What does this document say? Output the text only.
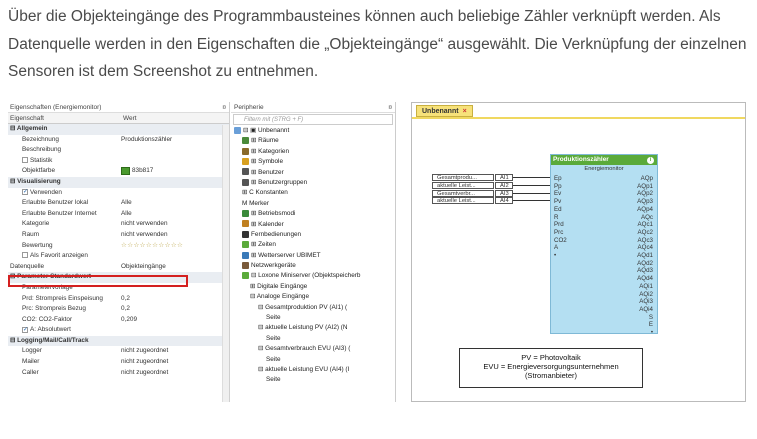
Über die Objekteingänge des Programmbausteines können auch beliebige Zähler verknüpft werden. Als Datenquelle werden in den Eigenschaften die „Objekteingänge“ ausgewählt. Die Verknüpfung der einzelnen Sensoren ist dem Screenshot zu entnehmen.
Eigenschaften (Energiemonitor)	¤
Eigenschaft	Wert
⊟ Allgemein
Bezeichnung	Produktionszähler
Beschreibung
Statistik
Objektfarbe	83b817
⊟ Visualisierung
✓ Verwenden
Erlaubte Benutzer lokal	Alle
Erlaubte Benutzer Internet	Alle
Kategorie	nicht verwenden
Raum	nicht verwenden
Bewertung	☆☆☆☆☆☆☆☆☆☆
Als Favorit anzeigen
Datenquelle	Objekteingänge
⊟ Parameter Standardwert
Parametervorlage
Prd: Strompreis Einspeisung	0,2
Prc: Strompreis Bezug	0,2
CO2: CO2-Faktor	0,209
✓ A: Absolutwert
⊟ Logging/Mail/Call/Track
Logger	nicht zugeordnet
Mailer	nicht zugeordnet
Caller	nicht zugeordnet
Peripherie	¤
Filtern mit (STRG + F)
⊟ ▣ Unbenannt
⊞ Räume
⊞ Kategorien
⊞ Symbole
⊞ Benutzer
⊞ Benutzergruppen
⊞ C Konstanten
M Merker
⊞ Betriebsmodi
⊞ Kalender
Fernbedienungen
⊞ Zeiten
⊞ Wetterserver UBIMET
Netzwerkgeräte
⊟ Loxone Miniserver (Objektspeicherb
⊞ Digitale Eingänge
⊟ Analoge Eingänge
⊟ Gesamtproduktion PV (AI1) (
Seite
⊟ aktuelle Leistung PV (AI2) (N
Seite
⊟ Gesamtverbrauch EVU (AI3) (
Seite
⊟ aktuelle Leistung EVU (AI4) (I
Seite
Unbenannt ×
Gesamtprodu...	AI1
aktuelle Leist...	AI2
Gesamtverbr...	AI3
aktuelle Leist...	AI4
Produktionszähler	i
Energiemonitor
Ep
Pp
Ev
Pv
Ed
R
Prd
Prc
CO2
A
•
AQp
AQp1
AQp2
AQp3
AQp4
AQc
AQc1
AQc2
AQc3
AQc4
AQd1
AQd2
AQd3
AQd4
AQi1
AQi2
AQi3
AQi4
S
E
•
PV = Photovoltaik
EVU = Energieversorgungsunternehmen
(Stromanbieter)
